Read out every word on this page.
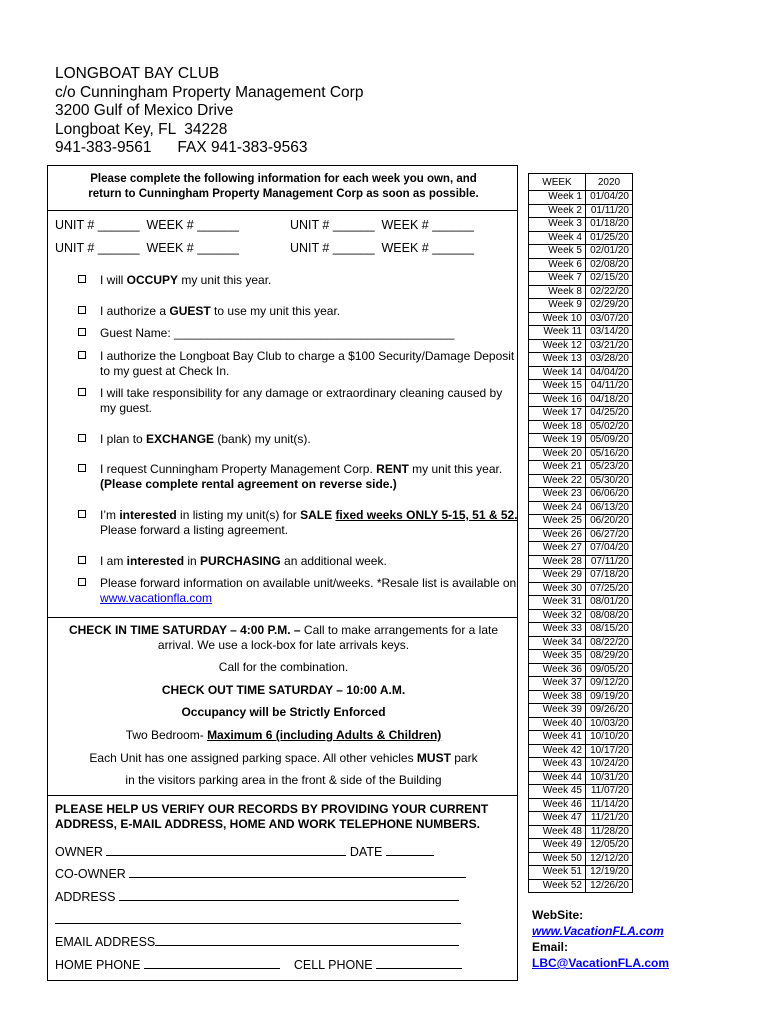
LONGBOAT BAY CLUB
c/o Cunningham Property Management Corp
3200 Gulf of Mexico Drive
Longboat Key, FL  34228
941-383-9561      FAX 941-383-9563
Please complete the following information for each week you own, and
return to Cunningham Property Management Corp as soon as possible.
UNIT # ______  WEEK # ______	UNIT # ______  WEEK # ______
UNIT # ______  WEEK # ______	UNIT # ______  WEEK # ______
I will OCCUPY my unit this year.
I authorize a GUEST to use my unit this year.
Guest Name: __________________________________________
I authorize the Longboat Bay Club to charge a $100 Security/Damage Deposit to my guest at Check In.
I will take responsibility for any damage or extraordinary cleaning caused by my guest.
I plan to EXCHANGE (bank) my unit(s).
I request Cunningham Property Management Corp. RENT my unit this year. (Please complete rental agreement on reverse side.)
I’m interested in listing my unit(s) for SALE fixed weeks ONLY 5-15, 51 & 52. Please forward a listing agreement.
I am interested in PURCHASING an additional week.
Please forward information on available unit/weeks. *Resale list is available on www.vacationfla.com
CHECK IN TIME SATURDAY – 4:00 P.M. – Call to make arrangements for a late arrival. We use a lock-box for late arrivals keys.
Call for the combination.
CHECK OUT TIME SATURDAY – 10:00 A.M.
Occupancy will be Strictly Enforced
Two Bedroom- Maximum 6 (including Adults & Children)
Each Unit has one assigned parking space. All other vehicles MUST park
in the visitors parking area in the front & side of the Building
PLEASE HELP US VERIFY OUR RECORDS BY PROVIDING YOUR CURRENT ADDRESS, E-MAIL ADDRESS, HOME AND WORK TELEPHONE NUMBERS.
OWNER	DATE
CO-OWNER
ADDRESS
EMAIL ADDRESS
HOME PHONE	CELL PHONE
WEEK	2020
Week 1	01/04/20
Week 2	01/11/20
Week 3	01/18/20
Week 4	01/25/20
Week 5	02/01/20
Week 6	02/08/20
Week 7	02/15/20
Week 8	02/22/20
Week 9	02/29/20
Week 10	03/07/20
Week 11	03/14/20
Week 12	03/21/20
Week 13	03/28/20
Week 14	04/04/20
Week 15	04/11/20
Week 16	04/18/20
Week 17	04/25/20
Week 18	05/02/20
Week 19	05/09/20
Week 20	05/16/20
Week 21	05/23/20
Week 22	05/30/20
Week 23	06/06/20
Week 24	06/13/20
Week 25	06/20/20
Week 26	06/27/20
Week 27	07/04/20
Week 28	07/11/20
Week 29	07/18/20
Week 30	07/25/20
Week 31	08/01/20
Week 32	08/08/20
Week 33	08/15/20
Week 34	08/22/20
Week 35	08/29/20
Week 36	09/05/20
Week 37	09/12/20
Week 38	09/19/20
Week 39	09/26/20
Week 40	10/03/20
Week 41	10/10/20
Week 42	10/17/20
Week 43	10/24/20
Week 44	10/31/20
Week 45	11/07/20
Week 46	11/14/20
Week 47	11/21/20
Week 48	11/28/20
Week 49	12/05/20
Week 50	12/12/20
Week 51	12/19/20
Week 52	12/26/20
WebSite:
www.VacationFLA.com
Email:
LBC@VacationFLA.com
